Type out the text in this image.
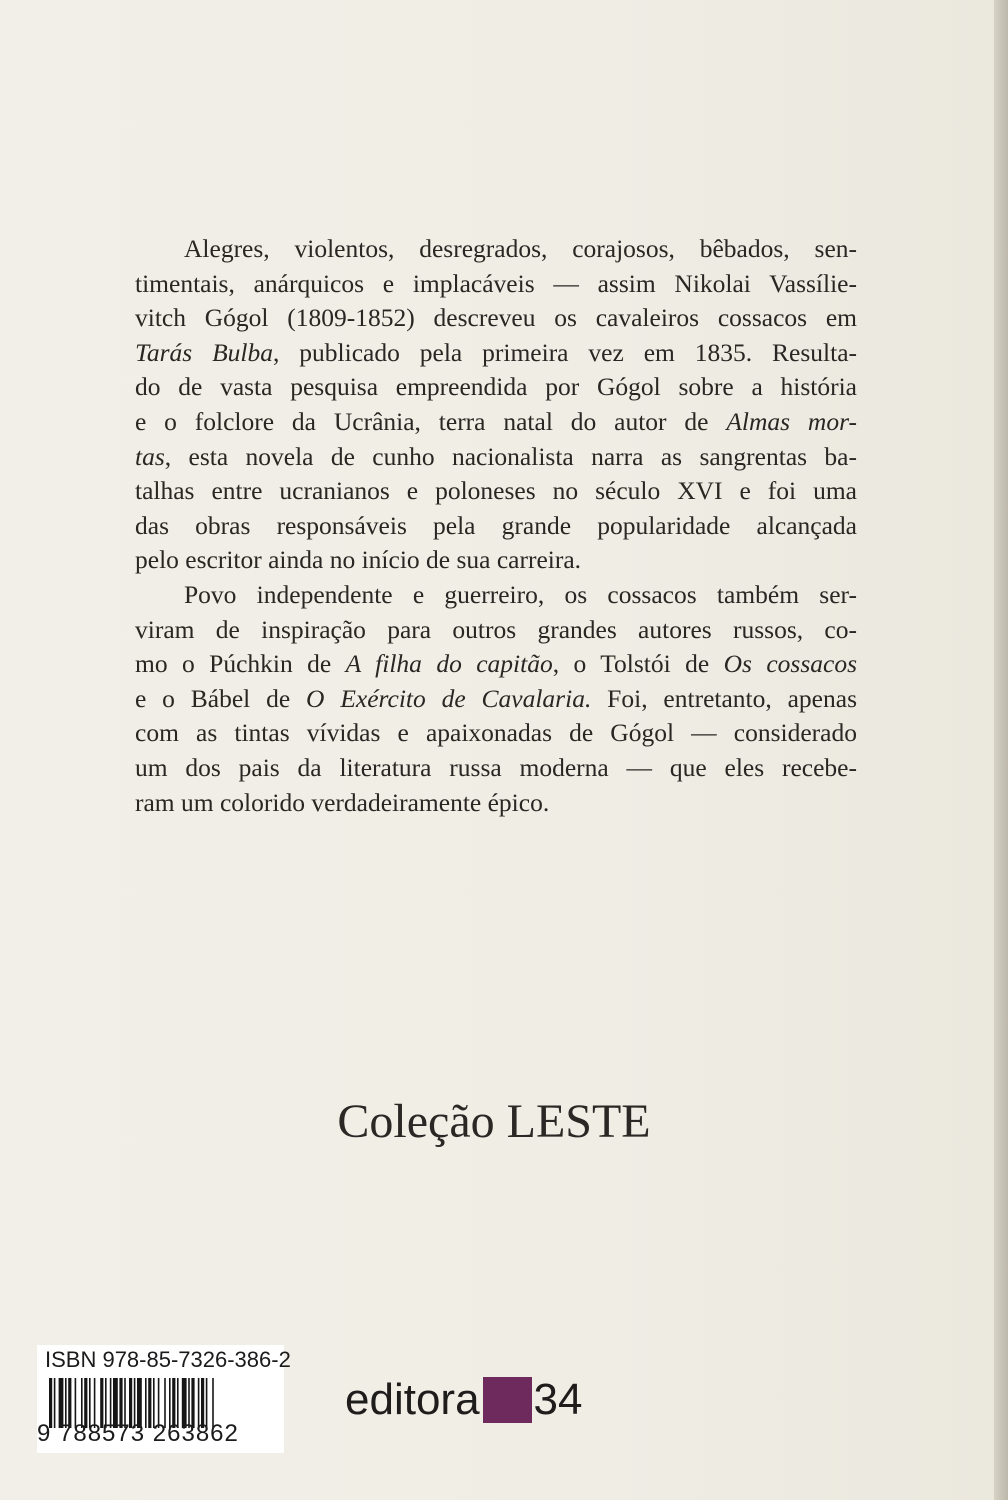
Alegres, violentos, desregrados, corajosos, bêbados, sen-
timentais, anárquicos e implacáveis — assim Nikolai Vassílie-
vitch Gógol (1809-1852) descreveu os cavaleiros cossacos em
Tarás Bulba, publicado pela primeira vez em 1835. Resulta-
do de vasta pesquisa empreendida por Gógol sobre a história
e o folclore da Ucrânia, terra natal do autor de Almas mor-
tas, esta novela de cunho nacionalista narra as sangrentas ba-
talhas entre ucranianos e poloneses no século XVI e foi uma
das obras responsáveis pela grande popularidade alcançada
pelo escritor ainda no início de sua carreira.

Povo independente e guerreiro, os cossacos também ser-
viram de inspiração para outros grandes autores russos, co-
mo o Púchkin de A filha do capitão, o Tolstói de Os cossacos
e o Bábel de O Exército de Cavalaria. Foi, entretanto, apenas
com as tintas vívidas e apaixonadas de Gógol — considerado
um dos pais da literatura russa moderna — que eles recebe-
ram um colorido verdadeiramente épico.

Coleção LESTE
ISBN 978-85-7326-386-2
9 788573 263862
editora 34
